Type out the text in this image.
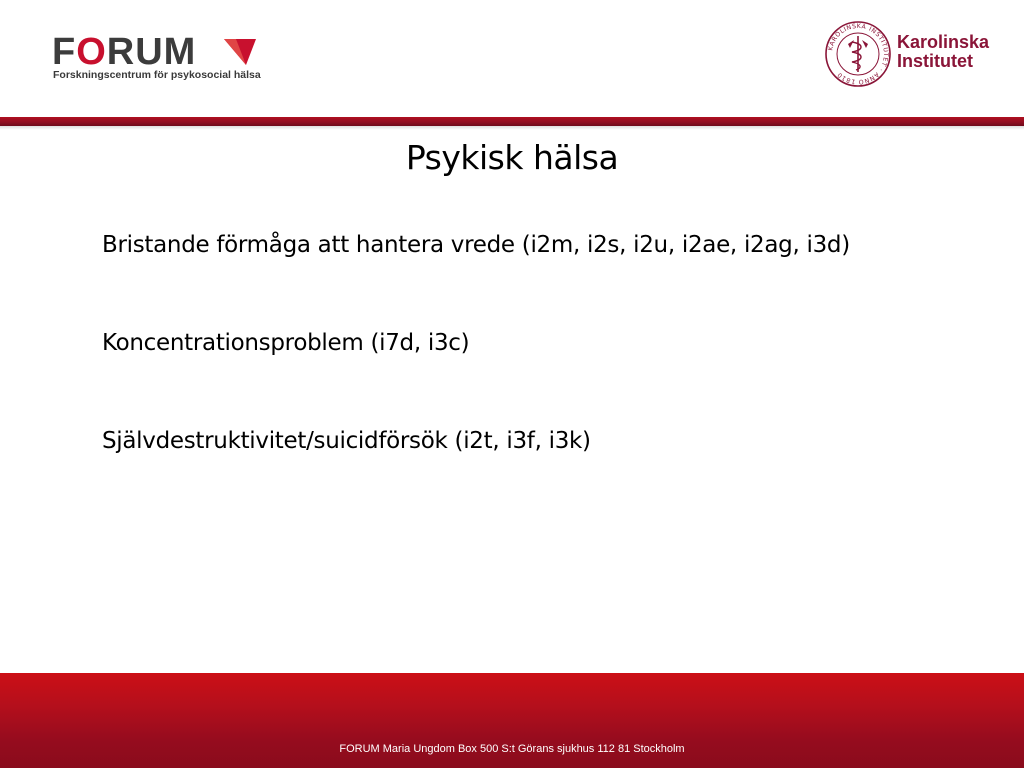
FORUM
Forskningscentrum för psykosocial hälsa
KAROLINSKA INSTITUTET · ANNO 1810
Karolinska
Institutet
Psykisk hälsa

Bristande förmåga att hantera vrede (i2m, i2s, i2u, i2ae, i2ag, i3d)

Koncentrationsproblem (i7d, i3c)

Självdestruktivitet/suicidförsök (i2t, i3f, i3k)

FORUM Maria Ungdom Box 500 S:t Görans sjukhus 112 81 Stockholm
